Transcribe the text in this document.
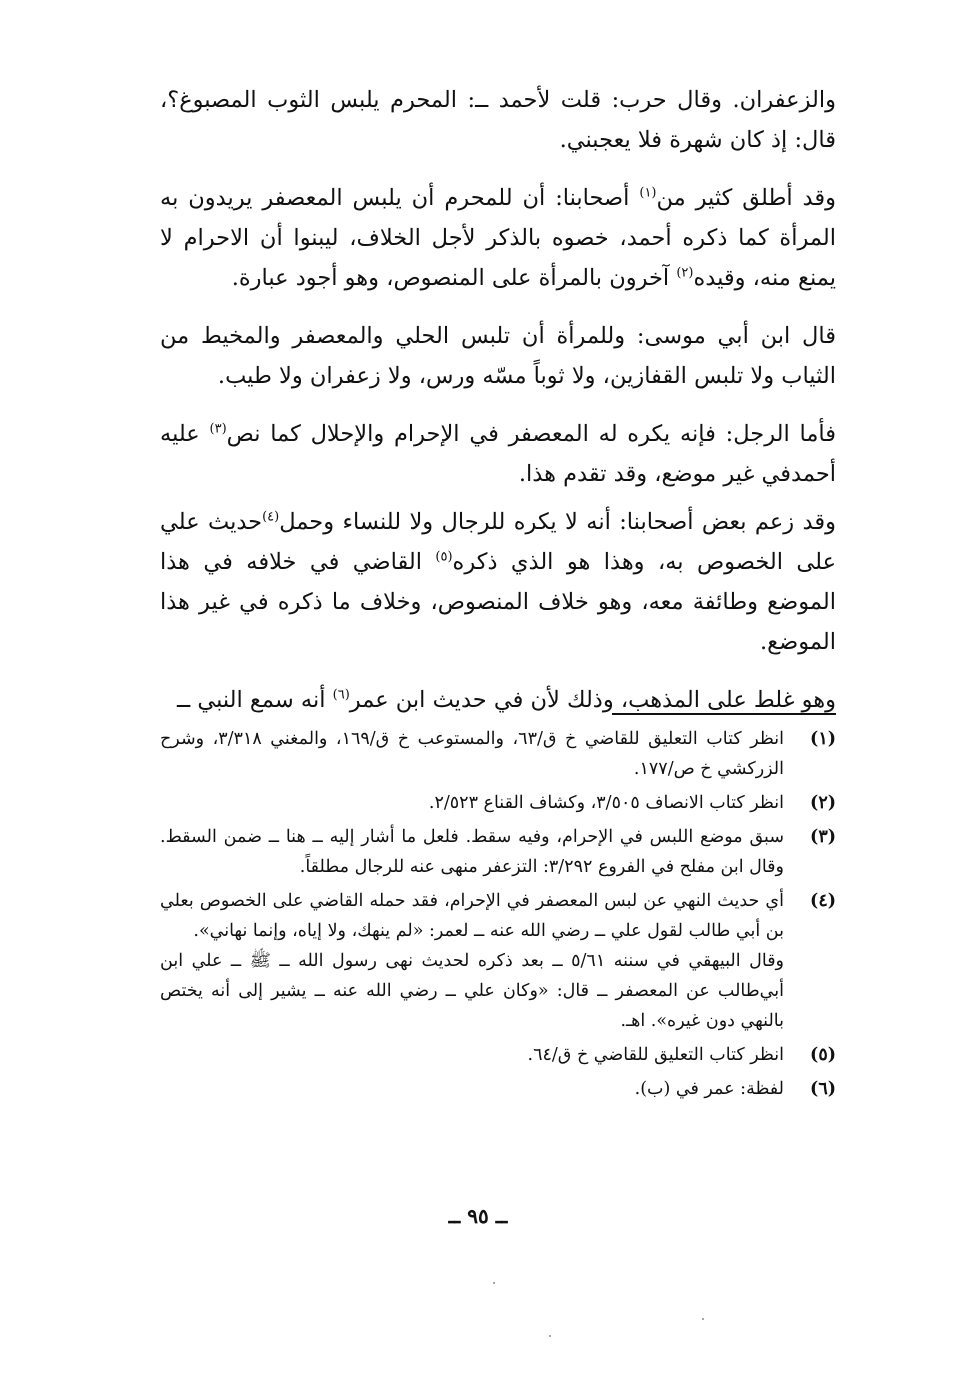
والزعفران. وقال حرب: قلت لأحمد ــ: المحرم يلبس الثوب المصبوغ؟، قال: إذ كان شهرة فلا يعجبني.

وقد أطلق كثير من$^{(١)}$ أصحابنا: أن للمحرم أن يلبس المعصفر يريدون به المرأة كما ذكره أحمد، خصوه بالذكر لأجل الخلاف، ليبنوا أن الاحرام لا يمنع منه، وقيده$^{(٢)}$ آخرون بالمرأة على المنصوص، وهو أجود عبارة.

قال ابن أبي موسى: وللمرأة أن تلبس الحلي والمعصفر والمخيط من الثياب ولا تلبس القفازين، ولا ثوباً مسّه ورس، ولا زعفران ولا طيب.

فأما الرجل: فإنه يكره له المعصفر في الإحرام والإحلال كما نص$^{(٣)}$ عليه أحمدفي غير موضع، وقد تقدم هذا.

وقد زعم بعض أصحابنا: أنه لا يكره للرجال ولا للنساء وحمل$^{(٤)}$حديث علي على الخصوص به، وهذا هو الذي ذكره$^{(٥)}$ القاضي في خلافه في هذا الموضع وطائفة معه، وهو خلاف المنصوص، وخلاف ما ذكره في غير هذا الموضع.

وهو غلط على المذهب، وذلك لأن في حديث ابن عمر$^{(٦)}$ أنه سمع النبي ــ

(١)

انظر كتاب التعليق للقاضي خ ق/٦٣، والمستوعب خ ق/١٦٩، والمغني ٣/٣١٨، وشرح الزركشي خ ص/١٧٧.

(٢)

انظر كتاب الانصاف ٣/٥٠٥، وكشاف القناع ٢/٥٢٣.

(٣)

سبق موضع اللبس في الإحرام، وفيه سقط. فلعل ما أشار إليه ــ هنا ــ ضمن السقط. وقال ابن مفلح في الفروع ٣/٢٩٢: التزعفر منهى عنه للرجال مطلقاً.

(٤)

أي حديث النهي عن لبس المعصفر في الإحرام، فقد حمله القاضي على الخصوص بعلي بن أبي طالب لقول علي ــ رضي الله عنه ــ لعمر: «لم ينهك، ولا إياه، وإنما نهاني».

وقال البيهقي في سننه ٥/٦١ ــ بعد ذكره لحديث نهى رسول الله ــ ﷺ ــ علي ابن أبي‌طالب عن المعصفر ــ قال: «وكان علي ــ رضي الله عنه ــ يشير إلى أنه يختص بالنهي دون غيره». اهـ.

(٥)

انظر كتاب التعليق للقاضي خ ق/٦٤.

(٦)

لفظة: عمر في (ب).

ــ ٩٥ ــ
